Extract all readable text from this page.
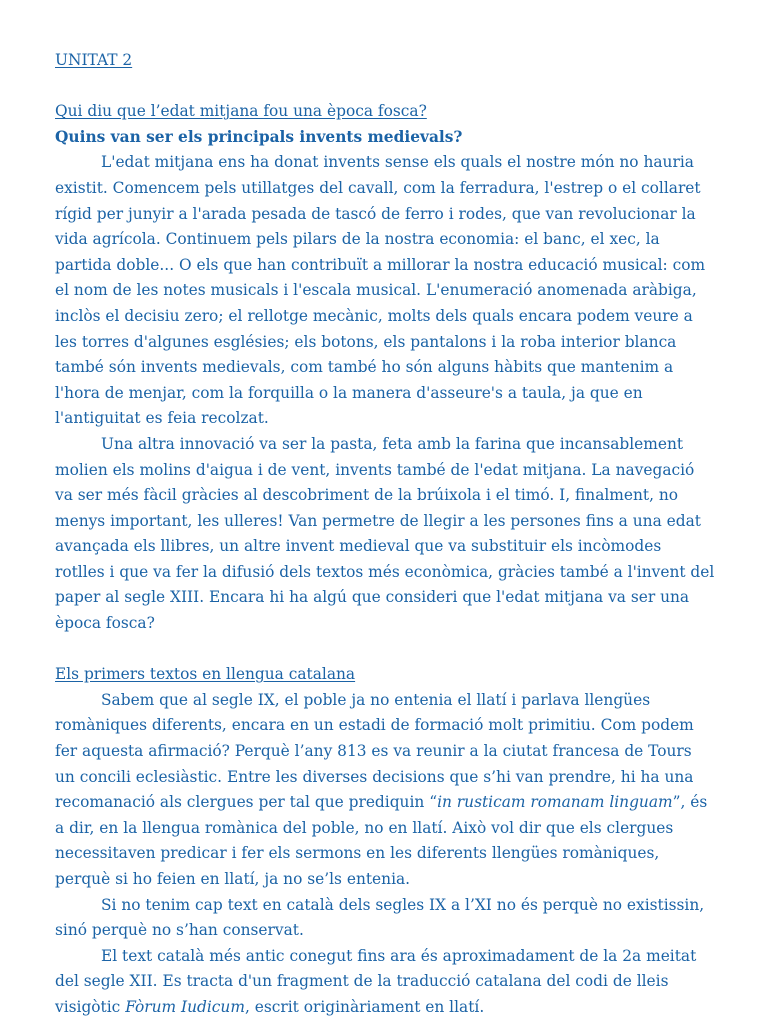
UNITAT 2

Qui diu que l’edat mitjana fou una època fosca?

Quins van ser els principals invents medievals?

L'edat mitjana ens ha donat invents sense els quals el nostre món no hauria existit. Comencem pels utillatges del cavall, com la ferradura, l'estrep o el collaret rígid per junyir a l'arada pesada de tascó de ferro i rodes, que van revolucionar la vida agrícola. Continuem pels pilars de la nostra economia: el banc, el xec, la partida doble... O els que han contribuït a millorar la nostra educació musical: com el nom de les notes musicals i l'escala musical. L'enumeració anomenada aràbiga, inclòs el decisiu zero; el rellotge mecànic, molts dels quals encara podem veure a les torres d'algunes esglésies; els botons, els pantalons i la roba interior blanca també són invents medievals, com també ho són alguns hàbits que mantenim a l'hora de menjar, com la forquilla o la manera d'asseure's a taula, ja que en l'antiguitat es feia recolzat.

Una altra innovació va ser la pasta, feta amb la farina que incansablement molien els molins d'aigua i de vent, invents també de l'edat mitjana. La navegació va ser més fàcil gràcies al descobriment de la brúixola i el timó. I, finalment, no menys important, les ulleres! Van permetre de llegir a les persones fins a una edat avançada els llibres, un altre invent medieval que va substituir els incòmodes rotlles i que va fer la difusió dels textos més econòmica, gràcies també a l'invent del paper al segle XIII. Encara hi ha algú que consideri que l'edat mitjana va ser una època fosca?

Els primers textos en llengua catalana

Sabem que al segle IX, el poble ja no entenia el llatí i parlava llengües romàniques diferents, encara en un estadi de formació molt primitiu. Com podem fer aquesta afirmació? Perquè l’any 813 es va reunir a la ciutat francesa de Tours un concili eclesiàstic. Entre les diverses decisions que s’hi van prendre, hi ha una recomanació als clergues per tal que prediquin “in rusticam romanam linguam”, és a dir, en la llengua romànica del poble, no en llatí. Això vol dir que els clergues necessitaven predicar i fer els sermons en les diferents llengües romàniques, perquè si ho feien en llatí, ja no se’ls entenia.

Si no tenim cap text en català dels segles IX a l’XI no és perquè no existissin, sinó perquè no s’han conservat.

El text català més antic conegut fins ara és aproximadament de la 2a meitat del segle XII. Es tracta d'un fragment de la traducció catalana del codi de lleis visigòtic Fòrum Iudicum, escrit originàriament en llatí.
